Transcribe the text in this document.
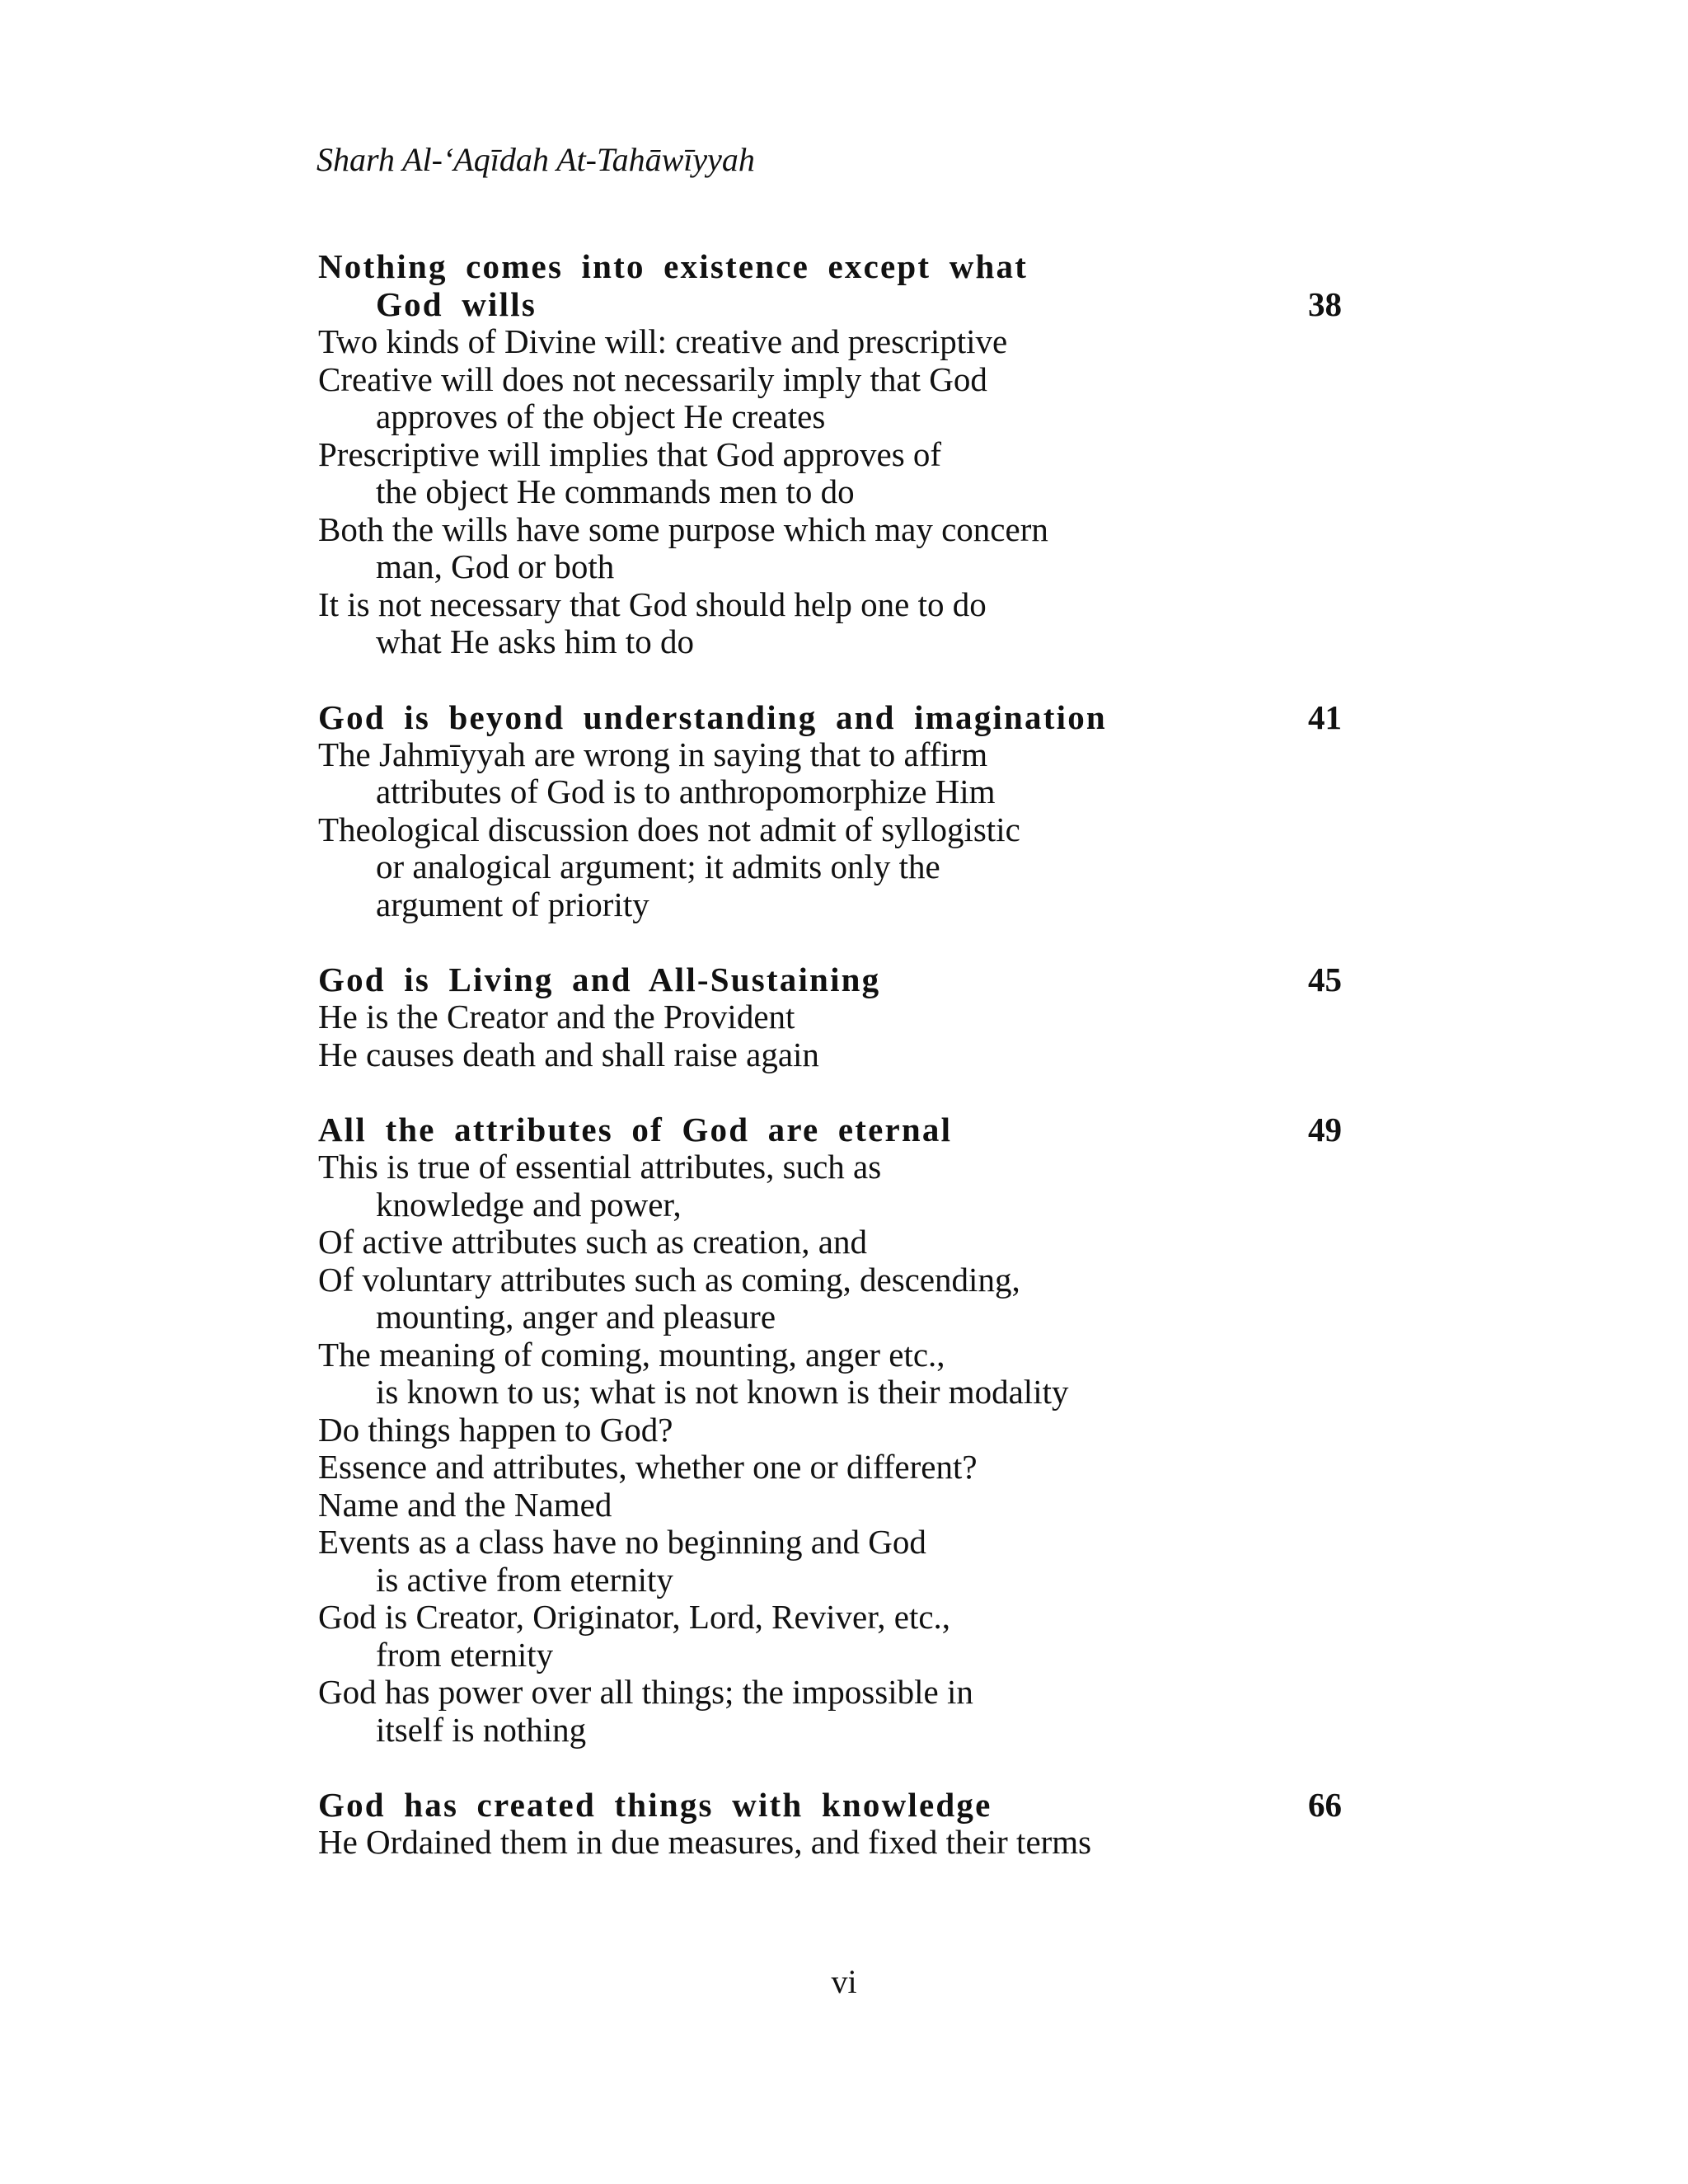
Sharh Al-‘Aqīdah At-Tahāwīyyah
Nothing comes into existence except what
God wills	38
Two kinds of Divine will: creative and prescriptive
Creative will does not necessarily imply that God
approves of the object He creates
Prescriptive will implies that God approves of
the object He commands men to do
Both the wills have some purpose which may concern
man, God or both
It is not necessary that God should help one to do
what He asks him to do
God is beyond understanding and imagination	41
The Jahmīyyah are wrong in saying that to affirm
attributes of God is to anthropomorphize Him
Theological discussion does not admit of syllogistic
or analogical argument; it admits only the
argument of priority
God is Living and All-Sustaining	45
He is the Creator and the Provident
He causes death and shall raise again
All the attributes of God are eternal	49
This is true of essential attributes, such as
knowledge and power,
Of active attributes such as creation, and
Of voluntary attributes such as coming, descending,
mounting, anger and pleasure
The meaning of coming, mounting, anger etc.,
is known to us; what is not known is their modality
Do things happen to God?
Essence and attributes, whether one or different?
Name and the Named
Events as a class have no beginning and God
is active from eternity
God is Creator, Originator, Lord, Reviver, etc.,
from eternity
God has power over all things; the impossible in
itself is nothing
God has created things with knowledge	66
He Ordained them in due measures, and fixed their terms
vi
